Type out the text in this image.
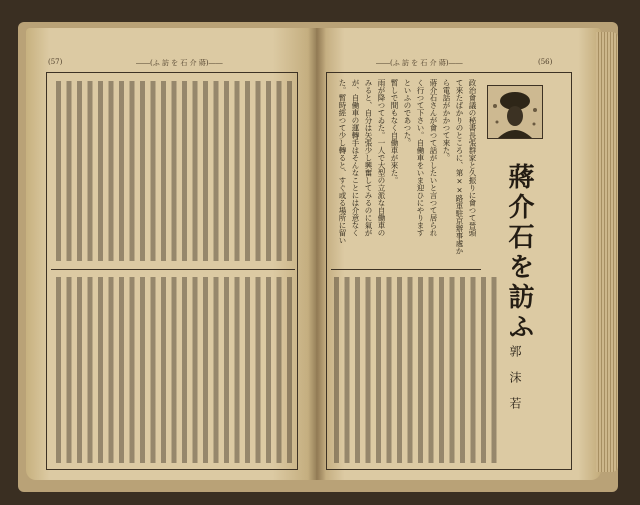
(57)	――(ふ 訪 を 石 介 蔣)――	――(ふ 訪 を 石 介 蔣)――	(56)
蔣介石を訪ふ
郭沫若
政治會議の秘書長張群家と久振りに會つて晉頭
て來たばかりのところに、第××路軍駐京辦事處か
ら電話がかかつて來た。
蔣介石さんが會つて話がしたいと言つて居られ
く行つて下さい。自働車をいま迎ひにやります
といふのであつた。
暫しで間もなく自働車が來た。
雨が降つてゐた。一人で大型の立派な自働車の
みると、自分は矢張少し興奮してみるのに氣が
が、自働車の運轉手はそんなことには介意なく
た。暫時經つて少し轉ると、すぐ或る場所に留い
